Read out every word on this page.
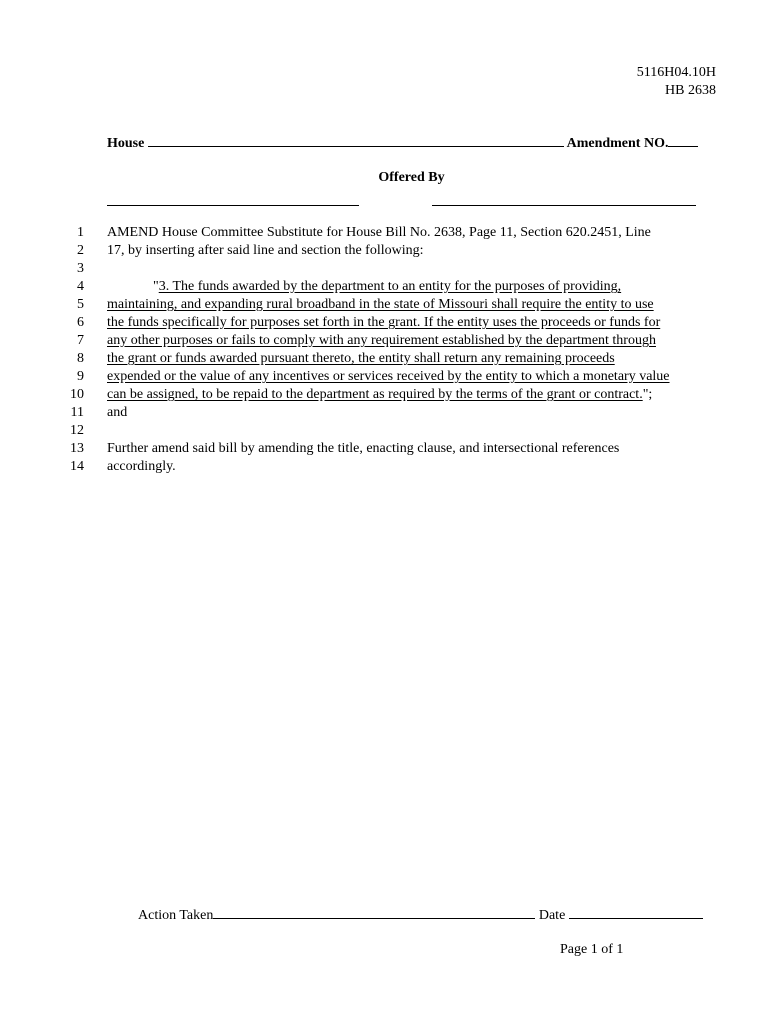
5116H04.10H
HB 2638
House	Amendment NO.
Offered By
1 AMEND House Committee Substitute for House Bill No. 2638, Page 11, Section 620.2451, Line
2 17, by inserting after said line and section the following:
3
4	"3. The funds awarded by the department to an entity for the purposes of providing,
5 maintaining, and expanding rural broadband in the state of Missouri shall require the entity to use
6 the funds specifically for purposes set forth in the grant. If the entity uses the proceeds or funds for
7 any other purposes or fails to comply with any requirement established by the department through
8 the grant or funds awarded pursuant thereto, the entity shall return any remaining proceeds
9 expended or the value of any incentives or services received by the entity to which a monetary value
10 can be assigned, to be repaid to the department as required by the terms of the grant or contract.";
11 and
12
13 Further amend said bill by amending the title, enacting clause, and intersectional references
14 accordingly.
Action Taken	Date
Page 1 of 1
